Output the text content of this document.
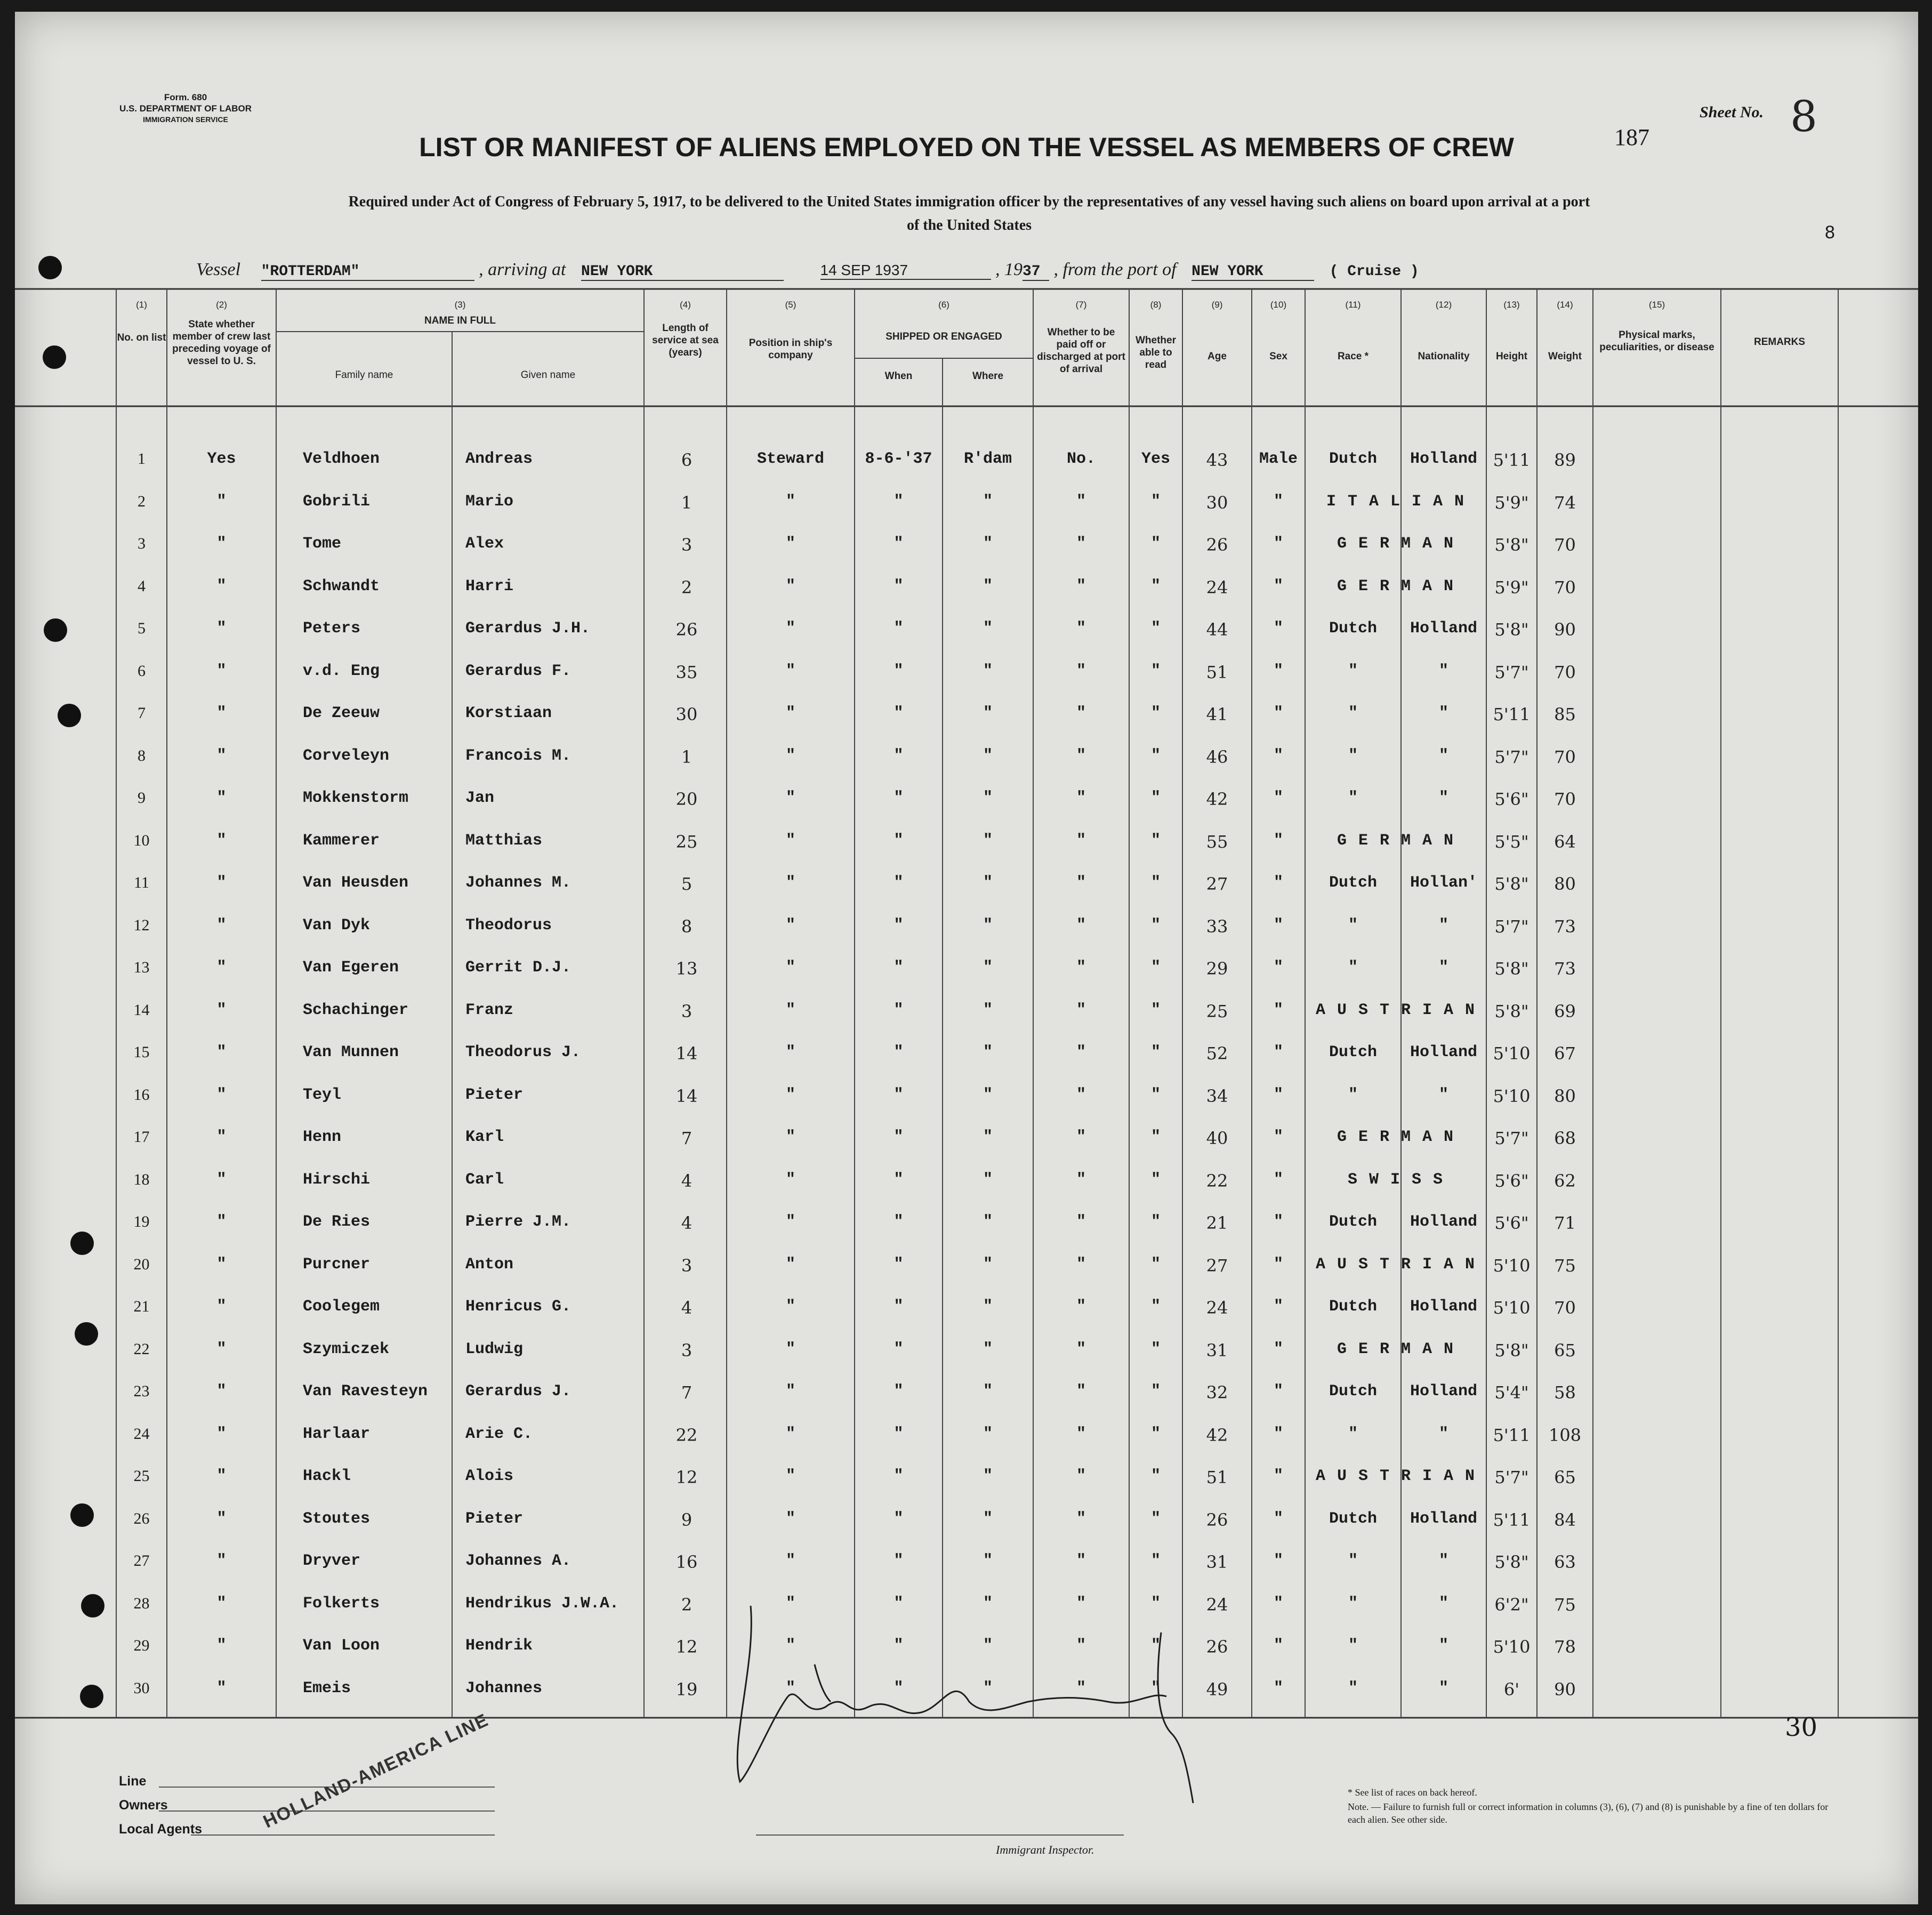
Form. 680
U.S. DEPARTMENT OF LABOR
IMMIGRATION SERVICE
LIST OR MANIFEST OF ALIENS EMPLOYED ON THE VESSEL AS MEMBERS OF CREW
Required under Act of Congress of February 5, 1917, to be delivered to the United States immigration officer by the representatives of any vessel having such aliens on board upon arrival at a port
of the United States
Sheet No. 8
187
8
Vessel "ROTTERDAM"	, arriving at NEW YORK	14 SEP 1937	, 1937 , from the port of NEW YORK	( Cruise )
(1)
No. on list
(2)
State whether member of crew last preceding voyage of vessel to U. S.
(3)
NAME IN FULL
Family name	Given name
(4)
Length of service at sea (years)
(5)
Position in ship's company
(6)
SHIPPED OR ENGAGED
When	Where
(7)
Whether to be paid off or discharged at port of arrival
(8)
Whether able to read
(9)
Age
(10)
Sex
(11)
Race *
(12)
Nationality
(13)
Height
(14)
Weight
(15)
Physical marks, peculiarities, or disease	REMARKS
1	Yes	Veldhoen	Andreas	6	Steward	8-6-'37	R'dam	No.	Yes	43	Male	Dutch	Holland 5'11	89
2	"	Gobrili	Mario	1	"	"	"	"	"	30	"	I T A L I A N	5'9"	74
3	"	Tome	Alex	3	"	"	"	"	"	26	"	G E R M A N	5'8"	70
4	"	Schwandt	Harri	2	"	"	"	"	"	24	"	G E R M A N	5'9"	70
5	"	Peters	Gerardus J.H.	26	"	"	"	"	"	44	"	Dutch	Holland	5'8"	90
6	"	v.d. Eng	Gerardus F.	35	"	"	"	"	"	51	"	"	"	5'7"	70
7	"	De Zeeuw	Korstiaan	30	"	"	"	"	"	41	"	"	"	5'11	85
8	"	Corveleyn	Francois M.	1	"	"	"	"	"	46	"	"	"	5'7"	70
9	"	Mokkenstorm	Jan	20	"	"	"	"	"	42	"	"	"	5'6"	70
10	"	Kammerer	Matthias	25	"	"	"	"	"	55	"	G E R M A N	5'5"	64
11	"	Van Heusden	Johannes M.	5	"	"	"	"	"	27	"	Dutch	Hollan'	5'8"	80
12	"	Van Dyk	Theodorus	8	"	"	"	"	"	33	"	"	"	5'7"	73
13	"	Van Egeren	Gerrit D.J.	13	"	"	"	"	"	29	"	"	"	5'8"	73
14	"	Schachinger	Franz	3	"	"	"	"	"	25	"	A U S T R I A N	5'8"	69
15	"	Van Munnen	Theodorus J.	14	"	"	"	"	"	52	"	Dutch	Holland 5'10	67
16	"	Teyl	Pieter	14	"	"	"	"	"	34	"	"	"	5'10	80
17	"	Henn	Karl	7	"	"	"	"	"	40	"	G E R M A N	5'7"	68
18	"	Hirschi	Carl	4	"	"	"	"	"	22	"	S W I S S	5'6"	62
19	"	De Ries	Pierre J.M.	4	"	"	"	"	"	21	"	Dutch	Holland	5'6"	71
20	"	Purcner	Anton	3	"	"	"	"	"	27	"	A U S T R I A N	5'10	75
21	"	Coolegem	Henricus G.	4	"	"	"	"	"	24	"	Dutch	Holland 5'10	70
22	"	Szymiczek	Ludwig	3	"	"	"	"	"	31	"	G E R M A N	5'8"	65
23	"	Van Ravesteyn	Gerardus J.	7	"	"	"	"	"	32	"	Dutch	Holland	5'4"	58
24	"	Harlaar	Arie C.	22	"	"	"	"	"	42	"	"	"	5'11	108
25	"	Hackl	Alois	12	"	"	"	"	"	51	"	A U S T R I A N	5'7"	65
26	"	Stoutes	Pieter	9	"	"	"	"	"	26	"	Dutch	Holland 5'11	84
27	"	Dryver	Johannes A.	16	"	"	"	"	"	31	"	"	"	5'8"	63
28	"	Folkerts	Hendrikus J.W.A.	2	"	"	"	"	"	24	"	"	"	6'2"	75
29	"	Van Loon	Hendrik	12	"	"	"	"	"	26	"	"	"	5'10	78
30	"	Emeis	Johannes	19	"	"	"	"	"	49	"	"	"	6'	90
Line
Owners
Local Agents	HOLLAND-AMERICA LINE
Immigrant Inspector.
* See list of races on back hereof.
Note. — Failure to furnish full or correct information in columns (3), (6), (7) and (8) is punishable by a fine of ten dollars for each alien. See other side.
30
